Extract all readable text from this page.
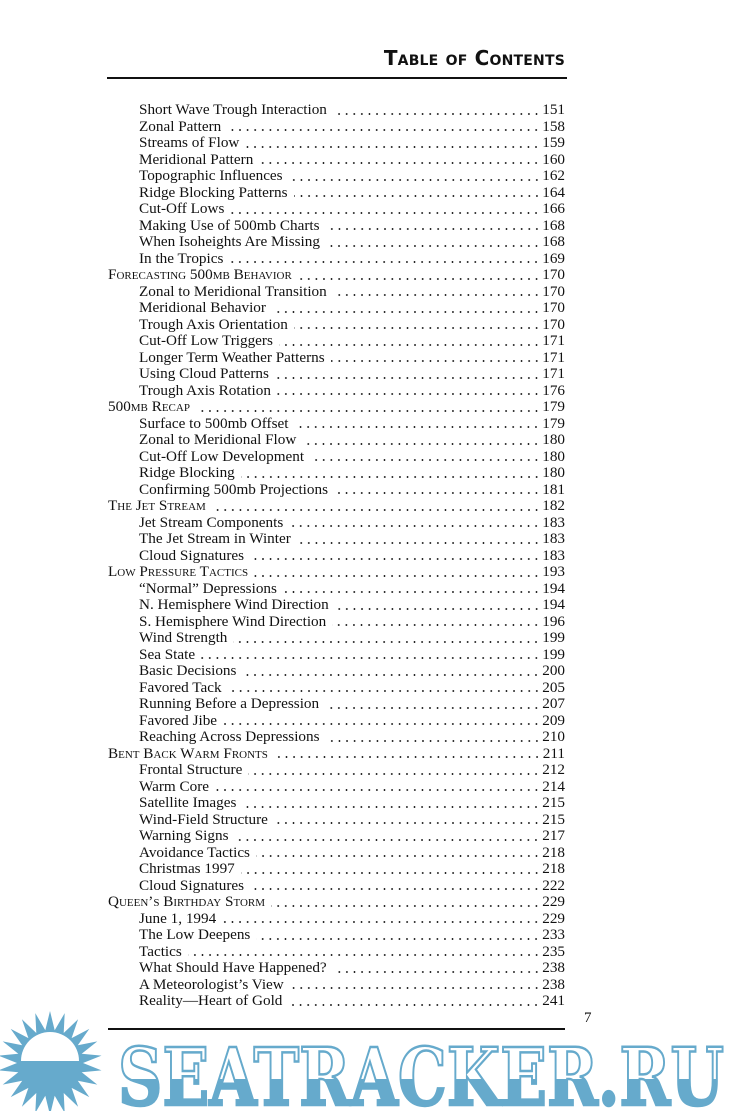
Table of Contents
Short Wave Trough Interaction	151
Zonal Pattern	158
Streams of Flow	159
Meridional Pattern	160
Topographic Influences	162
Ridge Blocking Patterns	164
Cut-Off Lows	166
Making Use of 500mb Charts	168
When Isoheights Are Missing	168
In the Tropics	169
Forecasting 500mb Behavior	170
Zonal to Meridional Transition	170
Meridional Behavior	170
Trough Axis Orientation	170
Cut-Off Low Triggers	171
Longer Term Weather Patterns	171
Using Cloud Patterns	171
Trough Axis Rotation	176
500mb Recap	179
Surface to 500mb Offset	179
Zonal to Meridional Flow	180
Cut-Off Low Development	180
Ridge Blocking	180
Confirming 500mb Projections	181
The Jet Stream	182
Jet Stream Components	183
The Jet Stream in Winter	183
Cloud Signatures	183
Low Pressure Tactics	193
“Normal” Depressions	194
N. Hemisphere Wind Direction	194
S. Hemisphere Wind Direction	196
Wind Strength	199
Sea State	199
Basic Decisions	200
Favored Tack	205
Running Before a Depression	207
Favored Jibe	209
Reaching Across Depressions	210
Bent Back Warm Fronts	211
Frontal Structure	212
Warm Core	214
Satellite Images	215
Wind-Field Structure	215
Warning Signs	217
Avoidance Tactics	218
Christmas 1997	218
Cloud Signatures	222
Queen’s Birthday Storm	229
June 1, 1994	229
The Low Deepens	233
Tactics	235
What Should Have Happened?	238
A Meteorologist’s View	238
Reality—Heart of Gold	241
7
SEATRACKER.RU
